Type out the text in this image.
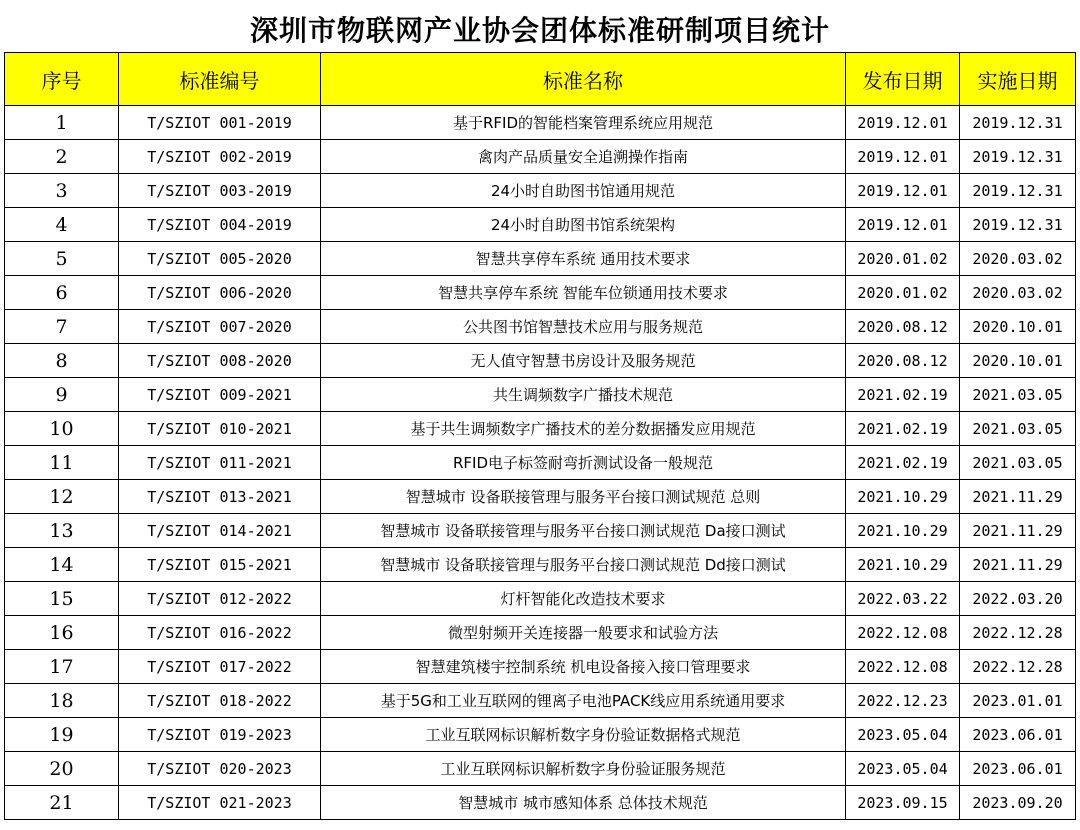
深圳市物联网产业协会团体标准研制项目统计
序号	标准编号	标准名称	发布日期	实施日期
1	T/SZIOT 001-2019	基于RFID的智能档案管理系统应用规范	2019.12.01	2019.12.31
2	T/SZIOT 002-2019	禽肉产品质量安全追溯操作指南	2019.12.01	2019.12.31
3	T/SZIOT 003-2019	24小时自助图书馆通用规范	2019.12.01	2019.12.31
4	T/SZIOT 004-2019	24小时自助图书馆系统架构	2019.12.01	2019.12.31
5	T/SZIOT 005-2020	智慧共享停车系统 通用技术要求	2020.01.02	2020.03.02
6	T/SZIOT 006-2020	智慧共享停车系统 智能车位锁通用技术要求	2020.01.02	2020.03.02
7	T/SZIOT 007-2020	公共图书馆智慧技术应用与服务规范	2020.08.12	2020.10.01
8	T/SZIOT 008-2020	无人值守智慧书房设计及服务规范	2020.08.12	2020.10.01
9	T/SZIOT 009-2021	共生调频数字广播技术规范	2021.02.19	2021.03.05
10	T/SZIOT 010-2021	基于共生调频数字广播技术的差分数据播发应用规范	2021.02.19	2021.03.05
11	T/SZIOT 011-2021	RFID电子标签耐弯折测试设备一般规范	2021.02.19	2021.03.05
12	T/SZIOT 013-2021	智慧城市 设备联接管理与服务平台接口测试规范 总则	2021.10.29	2021.11.29
13	T/SZIOT 014-2021	智慧城市 设备联接管理与服务平台接口测试规范 Da接口测试	2021.10.29	2021.11.29
14	T/SZIOT 015-2021	智慧城市 设备联接管理与服务平台接口测试规范 Dd接口测试	2021.10.29	2021.11.29
15	T/SZIOT 012-2022	灯杆智能化改造技术要求	2022.03.22	2022.03.20
16	T/SZIOT 016-2022	微型射频开关连接器一般要求和试验方法	2022.12.08	2022.12.28
17	T/SZIOT 017-2022	智慧建筑楼宇控制系统 机电设备接入接口管理要求	2022.12.08	2022.12.28
18	T/SZIOT 018-2022	基于5G和工业互联网的锂离子电池PACK线应用系统通用要求	2022.12.23	2023.01.01
19	T/SZIOT 019-2023	工业互联网标识解析数字身份验证数据格式规范	2023.05.04	2023.06.01
20	T/SZIOT 020-2023	工业互联网标识解析数字身份验证服务规范	2023.05.04	2023.06.01
21	T/SZIOT 021-2023	智慧城市 城市感知体系 总体技术规范	2023.09.15	2023.09.20
